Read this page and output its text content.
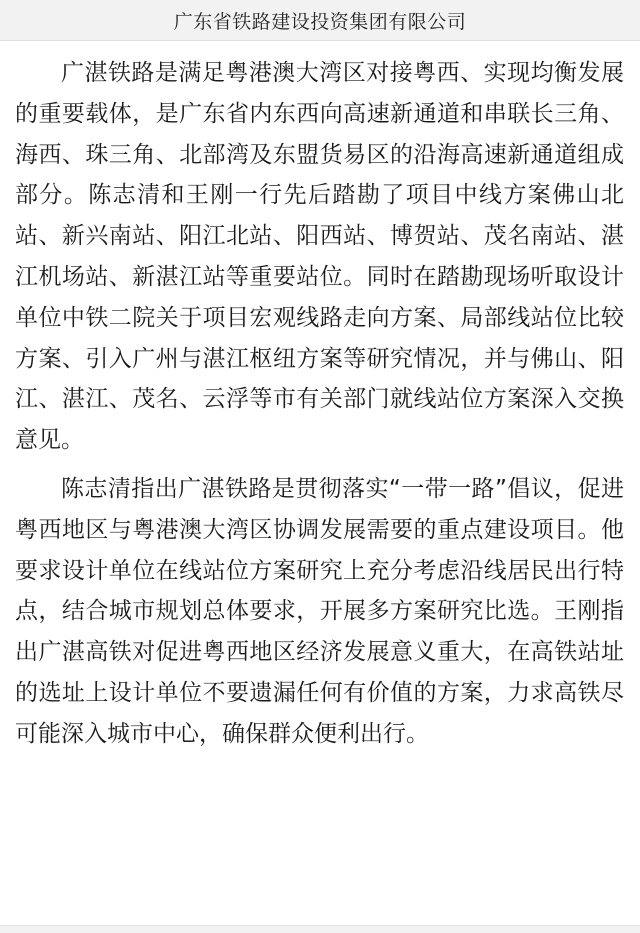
广东省铁路建设投资集团有限公司

广湛铁路是满足粤港澳大湾区对接粤西、实现均衡发展的重要载体，是广东省内东西向高速新通道和串联长三角、海西、珠三角、北部湾及东盟货易区的沿海高速新通道组成部分。陈志清和王刚一行先后踏勘了项目中线方案佛山北站、新兴南站、阳江北站、阳西站、博贺站、茂名南站、湛江机场站、新湛江站等重要站位。同时在踏勘现场听取设计单位中铁二院关于项目宏观线路走向方案、局部线站位比较方案、引入广州与湛江枢纽方案等研究情况，并与佛山、阳江、湛江、茂名、云浮等市有关部门就线站位方案深入交换意见。

陈志清指出广湛铁路是贯彻落实“一带一路”倡议，促进粤西地区与粤港澳大湾区协调发展需要的重点建设项目。他要求设计单位在线站位方案研究上充分考虑沿线居民出行特点，结合城市规划总体要求，开展多方案研究比选。王刚指出广湛高铁对促进粤西地区经济发展意义重大，在高铁站址的选址上设计单位不要遗漏任何有价值的方案，力求高铁尽可能深入城市中心，确保群众便利出行。
